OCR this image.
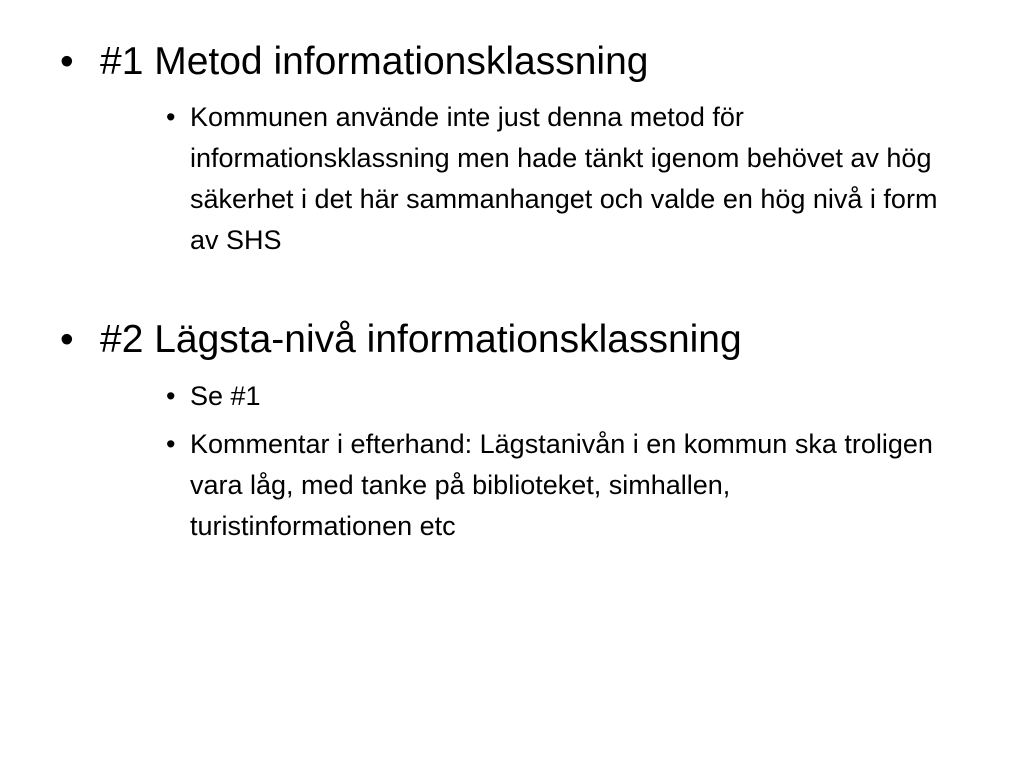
• #1 Metod informationsklassning
• Kommunen använde inte just denna metod för informationsklassning men hade tänkt igenom behövet av hög säkerhet i det här sammanhanget och valde en hög nivå i form av SHS
• #2 Lägsta-nivå informationsklassning
• Se #1
• Kommentar i efterhand: Lägstanivån i en kommun ska troligen vara låg, med tanke på biblioteket, simhallen, turistinformationen etc
